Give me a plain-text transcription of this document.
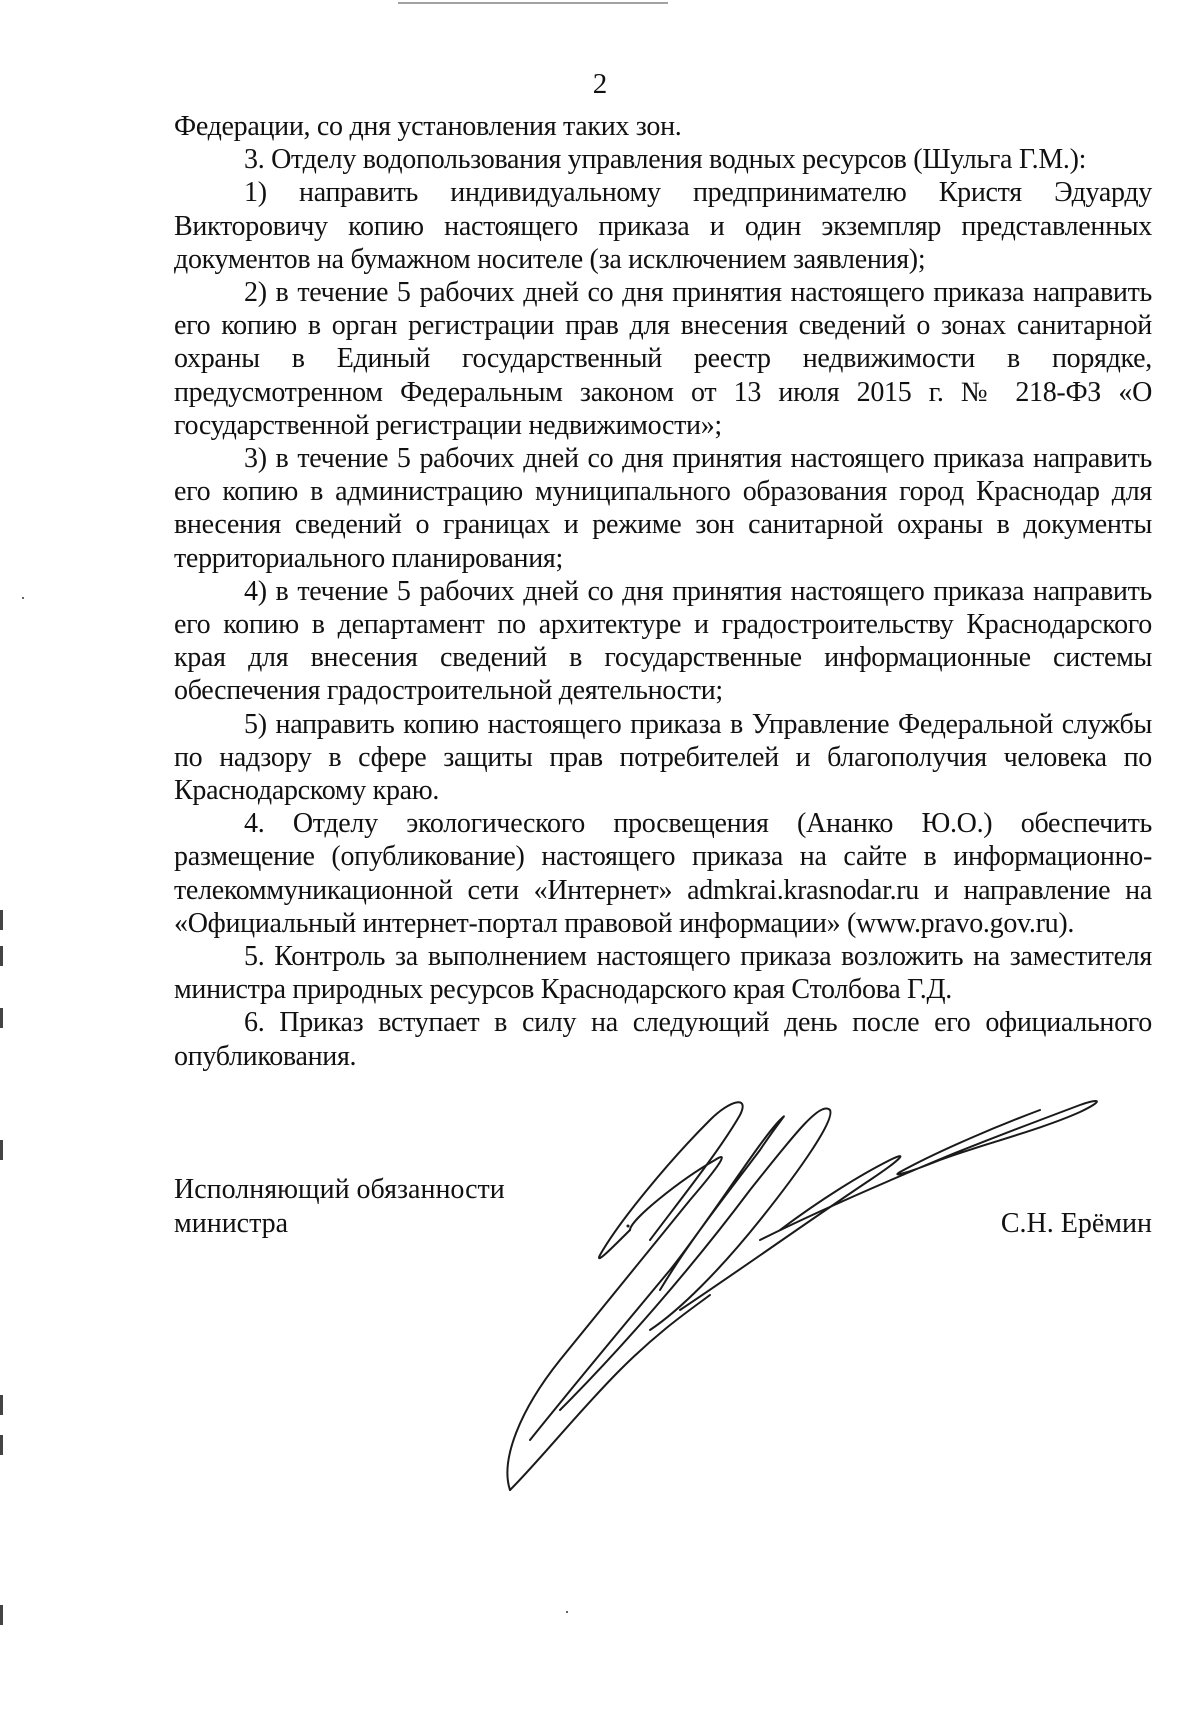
2

Федерации, со дня установления таких зон.

3. Отделу водопользования управления водных ресурсов (Шульга Г.М.):

1) направить индивидуальному предпринимателю Кристя Эдуарду Викторовичу копию настоящего приказа и один экземпляр представленных документов на бумажном носителе (за исключением заявления);

2) в течение 5 рабочих дней со дня принятия настоящего приказа направить его копию в орган регистрации прав для внесения сведений о зонах санитарной охраны в Единый государственный реестр недвижимости в порядке, предусмотренном Федеральным законом от 13 июля 2015 г. № 218-ФЗ «О государственной регистрации недвижимости»;

3) в течение 5 рабочих дней со дня принятия настоящего приказа направить его копию в администрацию муниципального образования город Краснодар для внесения сведений о границах и режиме зон санитарной охраны в документы территориального планирования;

4) в течение 5 рабочих дней со дня принятия настоящего приказа направить его копию в департамент по архитектуре и градостроительству Краснодарского края для внесения сведений в государственные информационные системы обеспечения градостроительной деятельности;

5) направить копию настоящего приказа в Управление Федеральной службы по надзору в сфере защиты прав потребителей и благополучия человека по Краснодарскому краю.

4. Отделу экологического просвещения (Ананко Ю.О.) обеспечить размещение (опубликование) настоящего приказа на сайте в информационно-телекоммуникационной сети «Интернет» admkrai.krasnodar.ru и направление на «Официальный интернет-портал правовой информации» (www.pravo.gov.ru).

5. Контроль за выполнением настоящего приказа возложить на заместителя министра природных ресурсов Краснодарского края Столбова Г.Д.

6. Приказ вступает в силу на следующий день после его официального опубликования.

Исполняющий обязанности
министра	С.Н. Ерёмин
